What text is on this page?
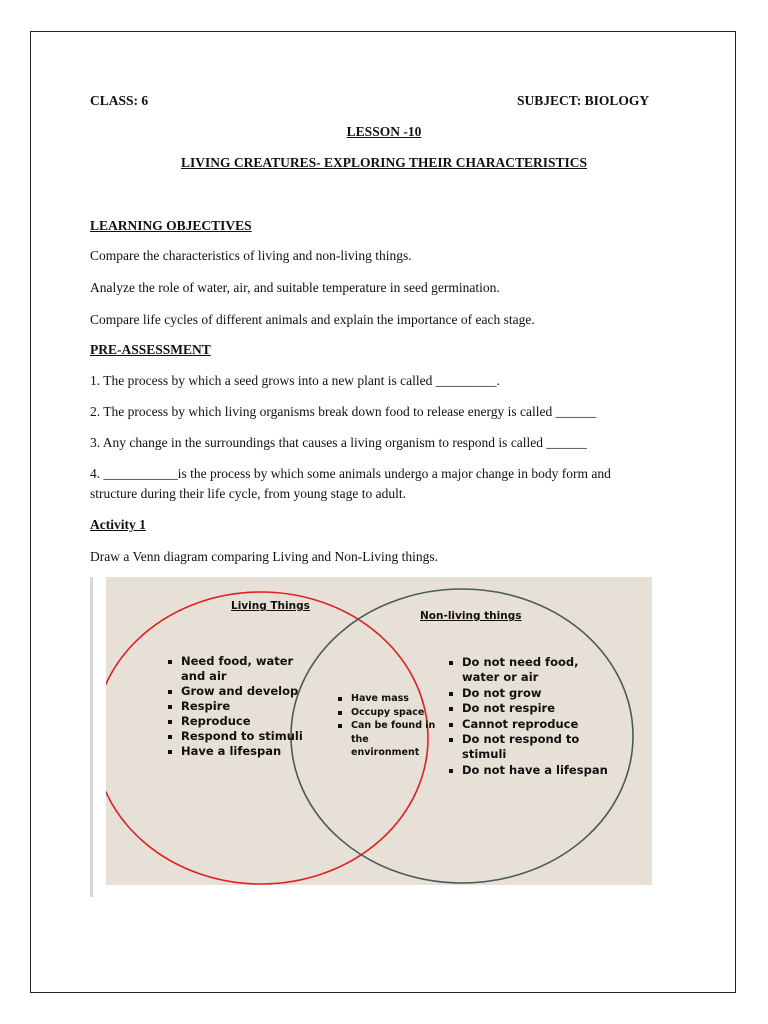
CLASS: 6	SUBJECT: BIOLOGY
LESSON -10
LIVING CREATURES- EXPLORING THEIR CHARACTERISTICS
LEARNING OBJECTIVES
Compare the characteristics of living and non-living things.
Analyze the role of water, air, and suitable temperature in seed germination.
Compare life cycles of different animals and explain the importance of each stage.
PRE-ASSESSMENT
1. The process by which a seed grows into a new plant is called _________.
2. The process by which living organisms break down food to release energy is called ______
3. Any change in the surroundings that causes a living organism to respond is called ______
4. ___________is the process by which some animals undergo a major change in body form and
structure during their life cycle, from young stage to adult.
Activity 1
Draw a Venn diagram comparing Living and Non-Living things.
Living Things
Non-living things
Need food, water and air
Grow and develop
Respire
Reproduce
Respond to stimuli
Have a lifespan
Have mass
Occupy space
Can be found in the environment
Do not need food, water or air
Do not grow
Do not respire
Cannot reproduce
Do not respond to stimuli
Do not have a lifespan
